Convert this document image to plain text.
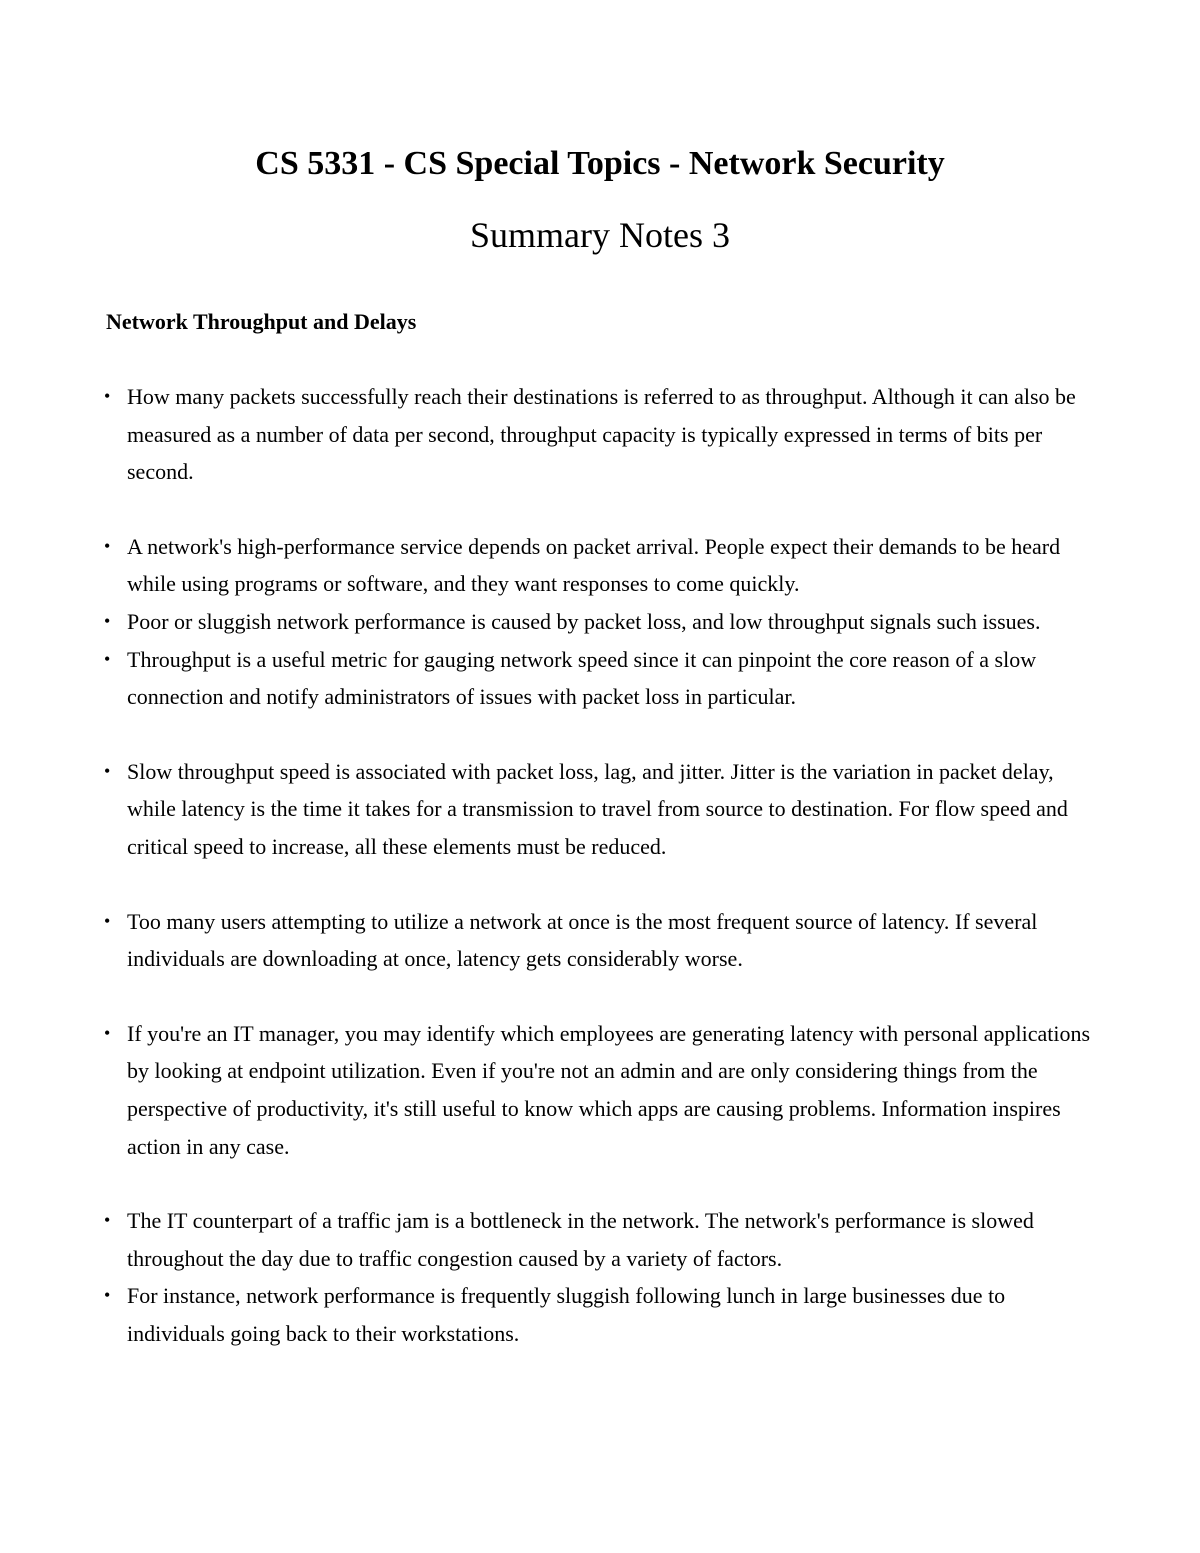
CS 5331 - CS Special Topics - Network Security
Summary Notes 3
Network Throughput and Delays
• How many packets successfully reach their destinations is referred to as throughput. Although it can also be measured as a number of data per second, throughput capacity is typically expressed in terms of bits per second.
• A network's high-performance service depends on packet arrival. People expect their demands to be heard while using programs or software, and they want responses to come quickly.
• Poor or sluggish network performance is caused by packet loss, and low throughput signals such issues.
• Throughput is a useful metric for gauging network speed since it can pinpoint the core reason of a slow connection and notify administrators of issues with packet loss in particular.
• Slow throughput speed is associated with packet loss, lag, and jitter. Jitter is the variation in packet delay, while latency is the time it takes for a transmission to travel from source to destination. For flow speed and critical speed to increase, all these elements must be reduced.
• Too many users attempting to utilize a network at once is the most frequent source of latency. If several individuals are downloading at once, latency gets considerably worse.
• If you're an IT manager, you may identify which employees are generating latency with personal applications by looking at endpoint utilization. Even if you're not an admin and are only considering things from the perspective of productivity, it's still useful to know which apps are causing problems. Information inspires action in any case.
• The IT counterpart of a traffic jam is a bottleneck in the network. The network's performance is slowed throughout the day due to traffic congestion caused by a variety of factors.
• For instance, network performance is frequently sluggish following lunch in large businesses due to individuals going back to their workstations.
